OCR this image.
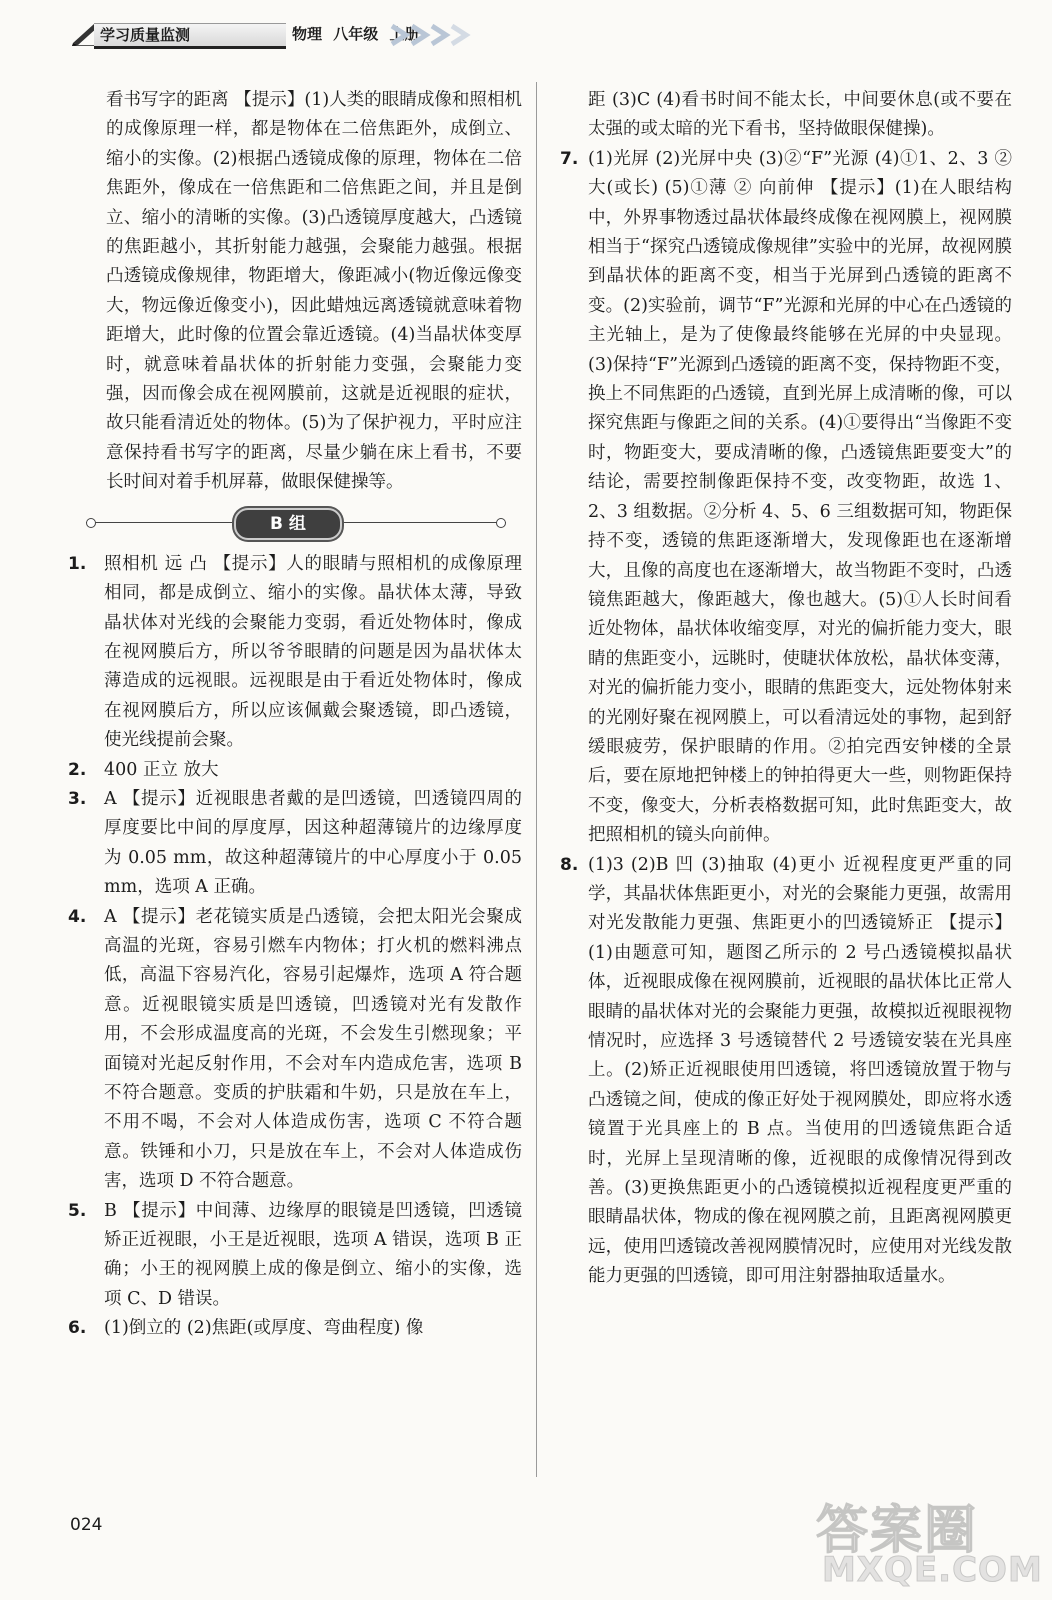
学习质量监测	物理 八年级 上册

看书写字的距离 【提示】(1)人类的眼睛成像和照相机的成像原理一样，都是物体在二倍焦距外，成倒立、缩小的实像。(2)根据凸透镜成像的原理，物体在二倍焦距外，像成在一倍焦距和二倍焦距之间，并且是倒立、缩小的清晰的实像。(3)凸透镜厚度越大，凸透镜的焦距越小，其折射能力越强，会聚能力越强。根据凸透镜成像规律，物距增大，像距减小(物近像远像变大，物远像近像变小)，因此蜡烛远离透镜就意味着物距增大，此时像的位置会靠近透镜。(4)当晶状体变厚时，就意味着晶状体的折射能力变强，会聚能力变强，因而像会成在视网膜前，这就是近视眼的症状，故只能看清近处的物体。(5)为了保护视力，平时应注意保持看书写字的距离，尽量少躺在床上看书，不要长时间对着手机屏幕，做眼保健操等。

B 组

1. 照相机 远 凸 【提示】人的眼睛与照相机的成像原理相同，都是成倒立、缩小的实像。晶状体太薄，导致晶状体对光线的会聚能力变弱，看近处物体时，像成在视网膜后方，所以爷爷眼睛的问题是因为晶状体太薄造成的远视眼。远视眼是由于看近处物体时，像成在视网膜后方，所以应该佩戴会聚透镜，即凸透镜，使光线提前会聚。

2. 400 正立 放大

3. A 【提示】近视眼患者戴的是凹透镜，凹透镜四周的厚度要比中间的厚度厚，因这种超薄镜片的边缘厚度为 0.05 mm，故这种超薄镜片的中心厚度小于 0.05 mm，选项 A 正确。

4. A 【提示】老花镜实质是凸透镜，会把太阳光会聚成高温的光斑，容易引燃车内物体；打火机的燃料沸点低，高温下容易汽化，容易引起爆炸，选项 A 符合题意。近视眼镜实质是凹透镜，凹透镜对光有发散作用，不会形成温度高的光斑，不会发生引燃现象；平面镜对光起反射作用，不会对车内造成危害，选项 B 不符合题意。变质的护肤霜和牛奶，只是放在车上，不用不喝，不会对人体造成伤害，选项 C 不符合题意。铁锤和小刀，只是放在车上，不会对人体造成伤害，选项 D 不符合题意。

5. B 【提示】中间薄、边缘厚的眼镜是凹透镜，凹透镜矫正近视眼，小王是近视眼，选项 A 错误，选项 B 正确；小王的视网膜上成的像是倒立、缩小的实像，选项 C、D 错误。

6. (1)倒立的 (2)焦距(或厚度、弯曲程度) 像

距 (3)C (4)看书时间不能太长，中间要休息(或不要在太强的或太暗的光下看书，坚持做眼保健操)。

7. (1)光屏 (2)光屏中央 (3)②“F”光源 (4)①1、2、3 ② 大(或长) (5)①薄 ② 向前伸 【提示】(1)在人眼结构中，外界事物透过晶状体最终成像在视网膜上，视网膜相当于“探究凸透镜成像规律”实验中的光屏，故视网膜到晶状体的距离不变，相当于光屏到凸透镜的距离不变。(2)实验前，调节“F”光源和光屏的中心在凸透镜的主光轴上，是为了使像最终能够在光屏的中央显现。(3)保持“F”光源到凸透镜的距离不变，保持物距不变，换上不同焦距的凸透镜，直到光屏上成清晰的像，可以探究焦距与像距之间的关系。(4)①要得出“当像距不变时，物距变大，要成清晰的像，凸透镜焦距要变大”的结论，需要控制像距保持不变，改变物距，故选 1、2、3 组数据。②分析 4、5、6 三组数据可知，物距保持不变，透镜的焦距逐渐增大，发现像距也在逐渐增大，且像的高度也在逐渐增大，故当物距不变时，凸透镜焦距越大，像距越大，像也越大。(5)①人长时间看近处物体，晶状体收缩变厚，对光的偏折能力变大，眼睛的焦距变小，远眺时，使睫状体放松，晶状体变薄，对光的偏折能力变小，眼睛的焦距变大，远处物体射来的光刚好聚在视网膜上，可以看清远处的事物，起到舒缓眼疲劳，保护眼睛的作用。②拍完西安钟楼的全景后，要在原地把钟楼上的钟拍得更大一些，则物距保持不变，像变大，分析表格数据可知，此时焦距变大，故把照相机的镜头向前伸。

8. (1)3 (2)B 凹 (3)抽取 (4)更小 近视程度更严重的同学，其晶状体焦距更小，对光的会聚能力更强，故需用对光发散能力更强、焦距更小的凹透镜矫正 【提示】(1)由题意可知，题图乙所示的 2 号凸透镜模拟晶状体，近视眼成像在视网膜前，近视眼的晶状体比正常人眼睛的晶状体对光的会聚能力更强，故模拟近视眼视物情况时，应选择 3 号透镜替代 2 号透镜安装在光具座上。(2)矫正近视眼使用凹透镜，将凹透镜放置于物与凸透镜之间，使成的像正好处于视网膜处，即应将水透镜置于光具座上的 B 点。当使用的凹透镜焦距合适时，光屏上呈现清晰的像，近视眼的成像情况得到改善。(3)更换焦距更小的凸透镜模拟近视程度更严重的眼睛晶状体，物成的像在视网膜之前，且距离视网膜更远，使用凹透镜改善视网膜情况时，应使用对光线发散能力更强的凹透镜，即可用注射器抽取适量水。

024	答案圈
MXQE.COM
